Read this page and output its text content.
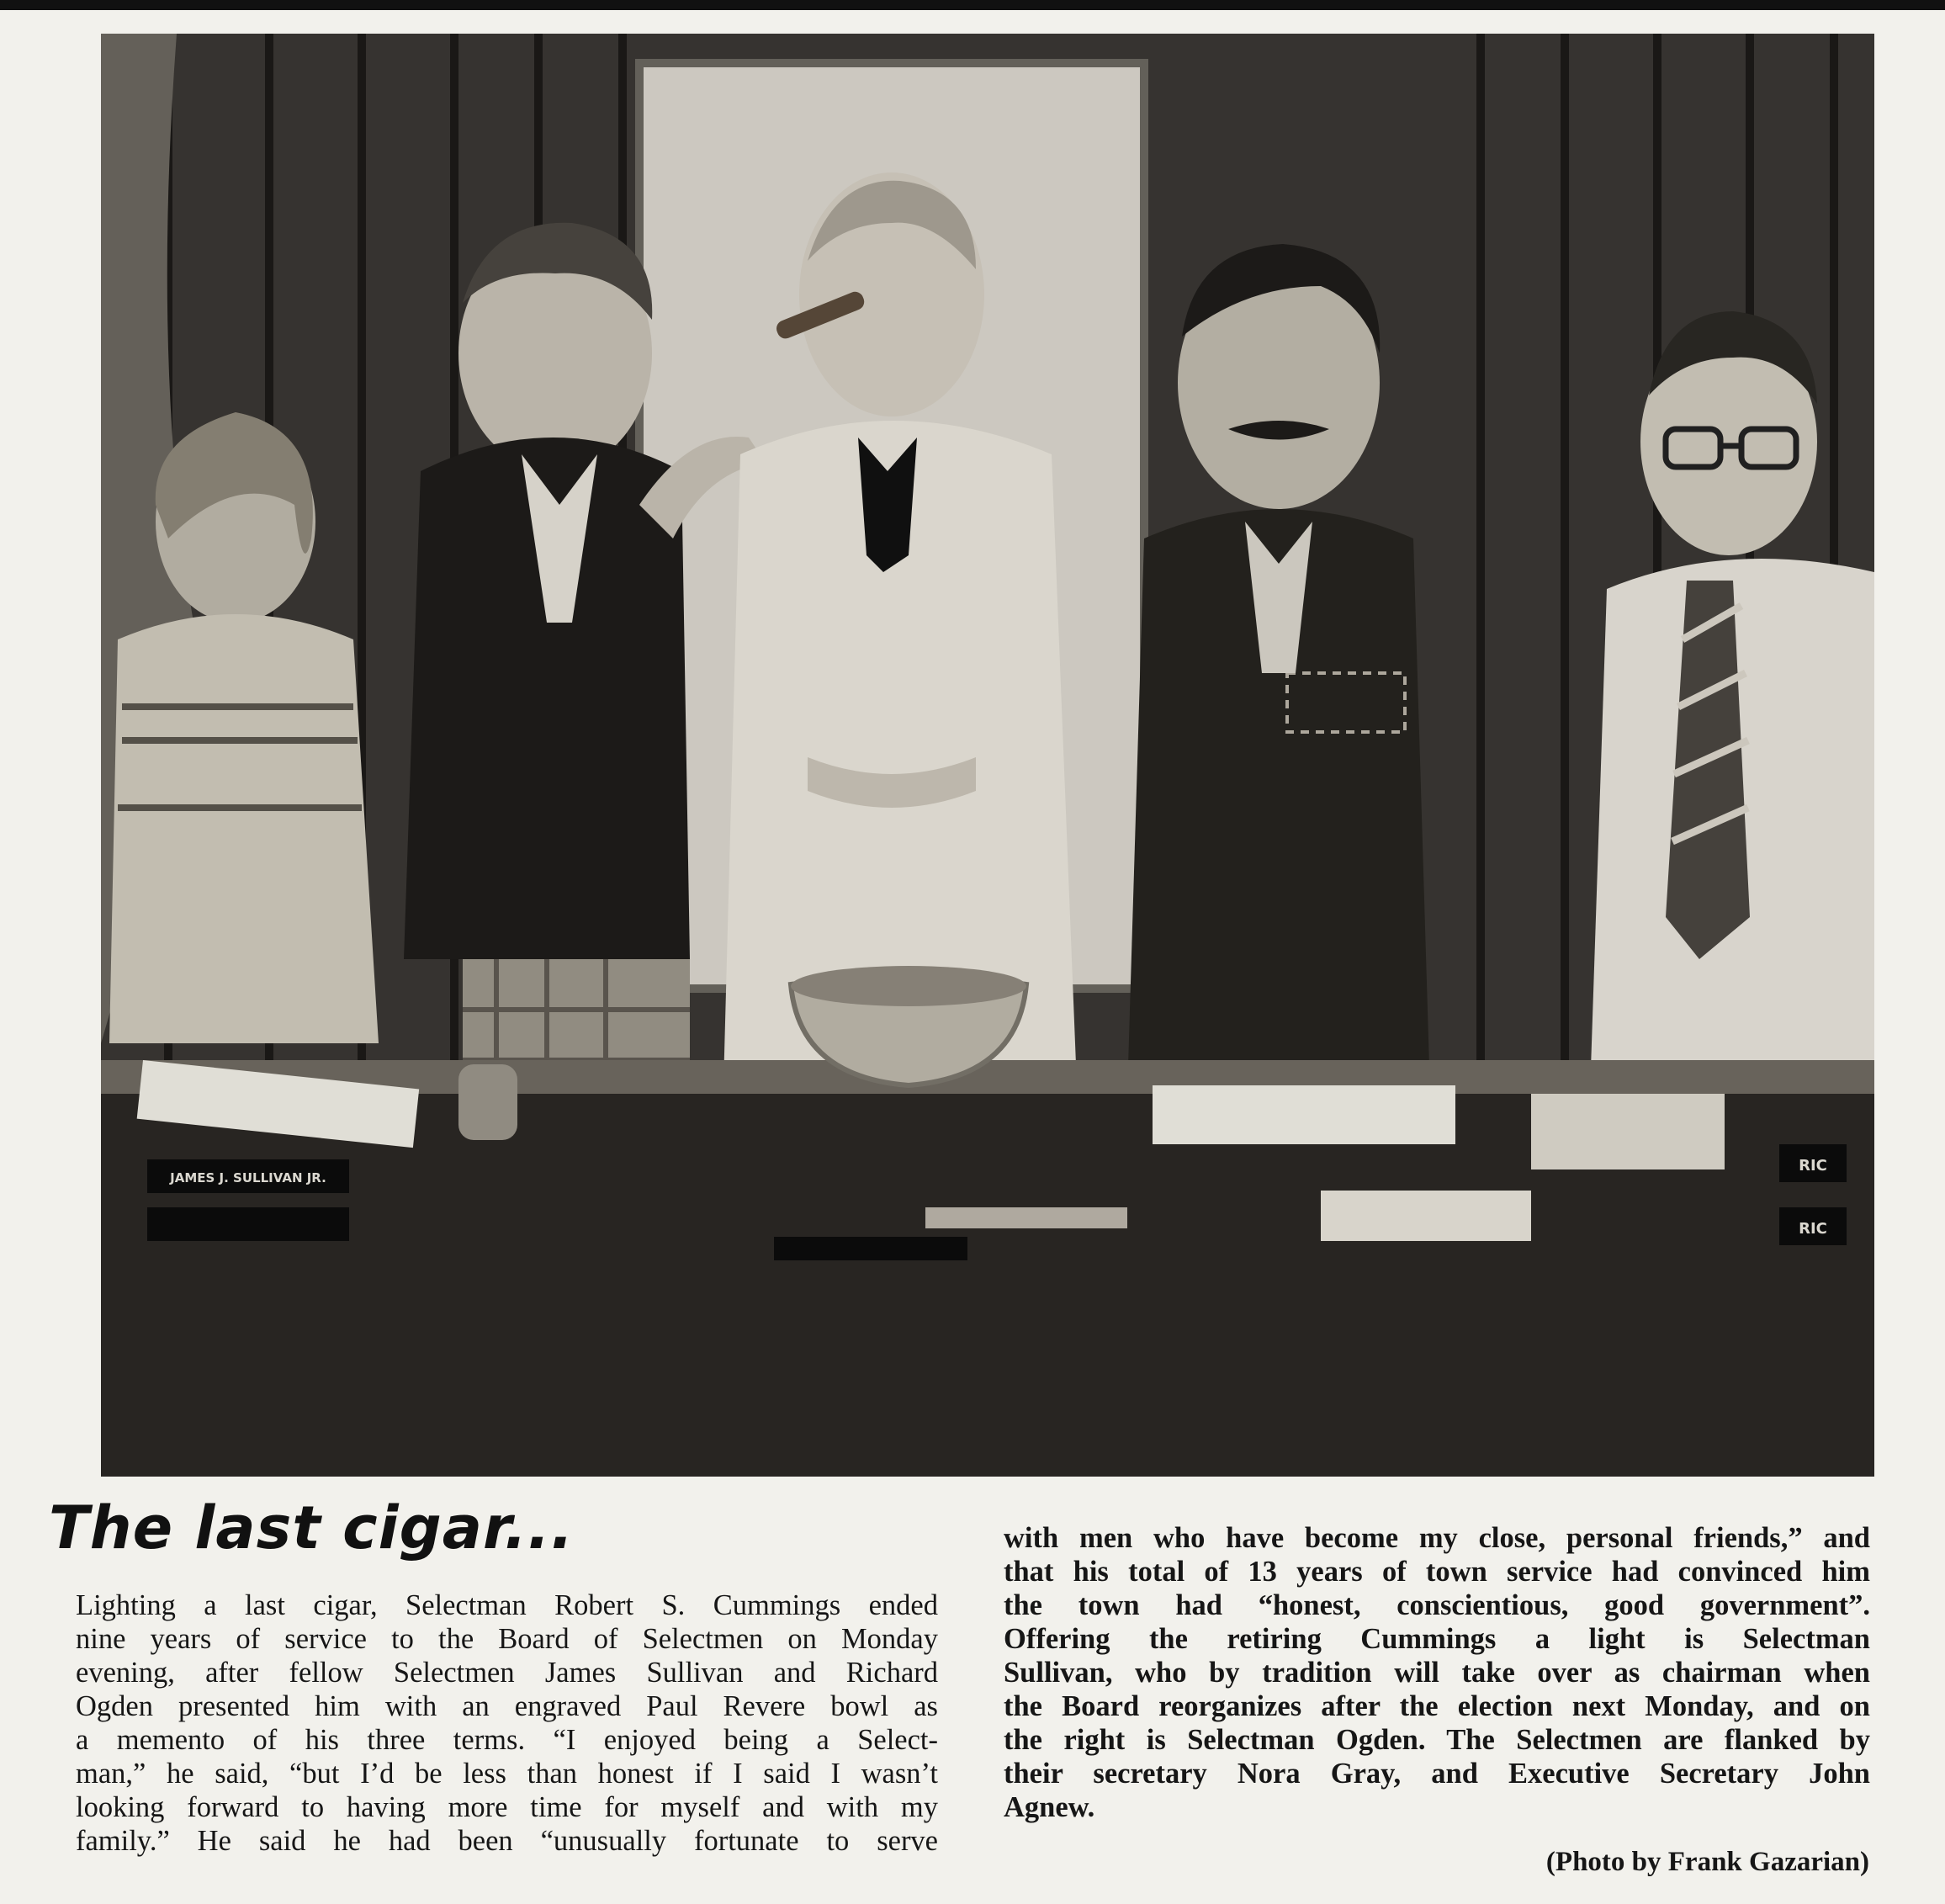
JAMES J. SULLIVAN JR.
RIC
RIC
The last cigar...
Lighting a last cigar, Selectman Robert S. Cummings ended
nine years of service to the Board of Selectmen on Monday
evening, after fellow Selectmen James Sullivan and Richard
Ogden presented him with an engraved Paul Revere bowl as
a memento of his three terms. “I enjoyed being a Select-
man,” he said, “but I’d be less than honest if I said I wasn’t
looking forward to having more time for myself and with my
family.” He said he had been “unusually fortunate to serve
with men who have become my close, personal friends,” and
that his total of 13 years of town service had convinced him
the town had “honest, conscientious, good government”.
Offering the retiring Cummings a light is Selectman
Sullivan, who by tradition will take over as chairman when
the Board reorganizes after the election next Monday, and on
the right is Selectman Ogden. The Selectmen are flanked by
their secretary Nora Gray, and Executive Secretary John
Agnew.
(Photo by Frank Gazarian)
